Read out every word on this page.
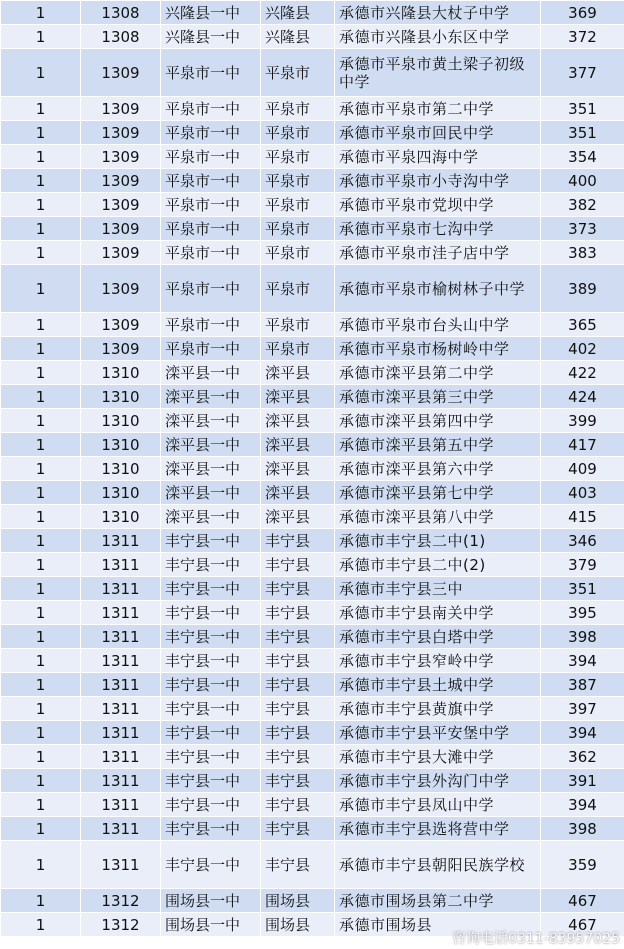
1	1308	兴隆县一中	兴隆县	承德市兴隆县大杖子中学	369
1	1308	兴隆县一中	兴隆县	承德市兴隆县小东区中学	372
1	1309	平泉市一中	平泉市	承德市平泉市黄土梁子初级中学	377
1	1309	平泉市一中	平泉市	承德市平泉市第二中学	351
1	1309	平泉市一中	平泉市	承德市平泉市回民中学	351
1	1309	平泉市一中	平泉市	承德市平泉四海中学	354
1	1309	平泉市一中	平泉市	承德市平泉市小寺沟中学	400
1	1309	平泉市一中	平泉市	承德市平泉市党坝中学	382
1	1309	平泉市一中	平泉市	承德市平泉市七沟中学	373
1	1309	平泉市一中	平泉市	承德市平泉市洼子店中学	383
1	1309	平泉市一中	平泉市	承德市平泉市榆树林子中学	389
1	1309	平泉市一中	平泉市	承德市平泉市台头山中学	365
1	1309	平泉市一中	平泉市	承德市平泉市杨树岭中学	402
1	1310	滦平县一中	滦平县	承德市滦平县第二中学	422
1	1310	滦平县一中	滦平县	承德市滦平县第三中学	424
1	1310	滦平县一中	滦平县	承德市滦平县第四中学	399
1	1310	滦平县一中	滦平县	承德市滦平县第五中学	417
1	1310	滦平县一中	滦平县	承德市滦平县第六中学	409
1	1310	滦平县一中	滦平县	承德市滦平县第七中学	403
1	1310	滦平县一中	滦平县	承德市滦平县第八中学	415
1	1311	丰宁县一中	丰宁县	承德市丰宁县二中(1)	346
1	1311	丰宁县一中	丰宁县	承德市丰宁县二中(2)	379
1	1311	丰宁县一中	丰宁县	承德市丰宁县三中	351
1	1311	丰宁县一中	丰宁县	承德市丰宁县南关中学	395
1	1311	丰宁县一中	丰宁县	承德市丰宁县白塔中学	398
1	1311	丰宁县一中	丰宁县	承德市丰宁县窄岭中学	394
1	1311	丰宁县一中	丰宁县	承德市丰宁县土城中学	387
1	1311	丰宁县一中	丰宁县	承德市丰宁县黄旗中学	397
1	1311	丰宁县一中	丰宁县	承德市丰宁县平安堡中学	394
1	1311	丰宁县一中	丰宁县	承德市丰宁县大滩中学	362
1	1311	丰宁县一中	丰宁县	承德市丰宁县外沟门中学	391
1	1311	丰宁县一中	丰宁县	承德市丰宁县凤山中学	394
1	1311	丰宁县一中	丰宁县	承德市丰宁县选将营中学	398
1	1311	丰宁县一中	丰宁县	承德市丰宁县朝阳民族学校	359
1	1312	围场县一中	围场县	承德市围场县第二中学	467
1	1312	围场县一中	围场县	承德市围场县	467
咨询电话0311-83957025
